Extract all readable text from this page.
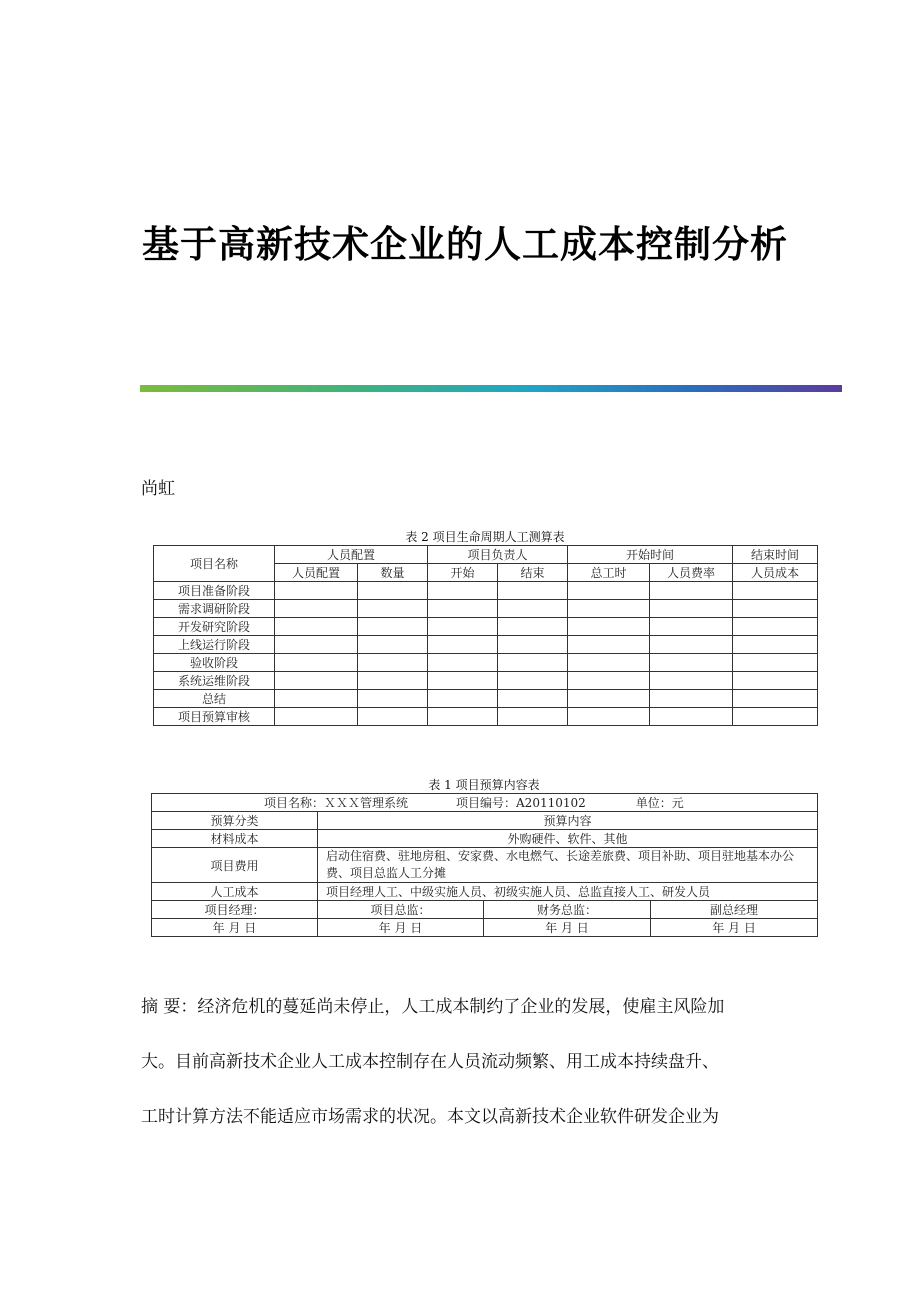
基于高新技术企业的人工成本控制分析
尚虹
表 2 项目生命周期人工测算表
项目名称	人员配置		项目负责人		开始时间		结束时间
	人员配置	数量	开始	结束	总工时	人员费率	人员成本
项目准备阶段							
需求调研阶段							
开发研究阶段							
上线运行阶段							
验收阶段							
系统运维阶段							
总结							
项目预算审核							
表 1 项目预算内容表
项目名称：ＸＸＸ管理系统 项目编号：A20110102 单位：元			
预算分类	预算内容		
材料成本	外购硬件、软件、其他		
项目费用	启动住宿费、驻地房租、安家费、水电燃气、长途差旅费、项目补助、项目驻地基本办公费、项目总监人工分摊		
人工成本	项目经理人工、中级实施人员、初级实施人员、总监直接人工、研发人员		
项目经理：	项目总监：	财务总监：	副总经理
年 月 日	年 月 日	年 月 日	年 月 日
摘 要：经济危机的蔓延尚未停止，人工成本制约了企业的发展，使雇主风险加
大。目前高新技术企业人工成本控制存在人员流动频繁、用工成本持续盘升、
工时计算方法不能适应市场需求的状况。本文以高新技术企业软件研发企业为
